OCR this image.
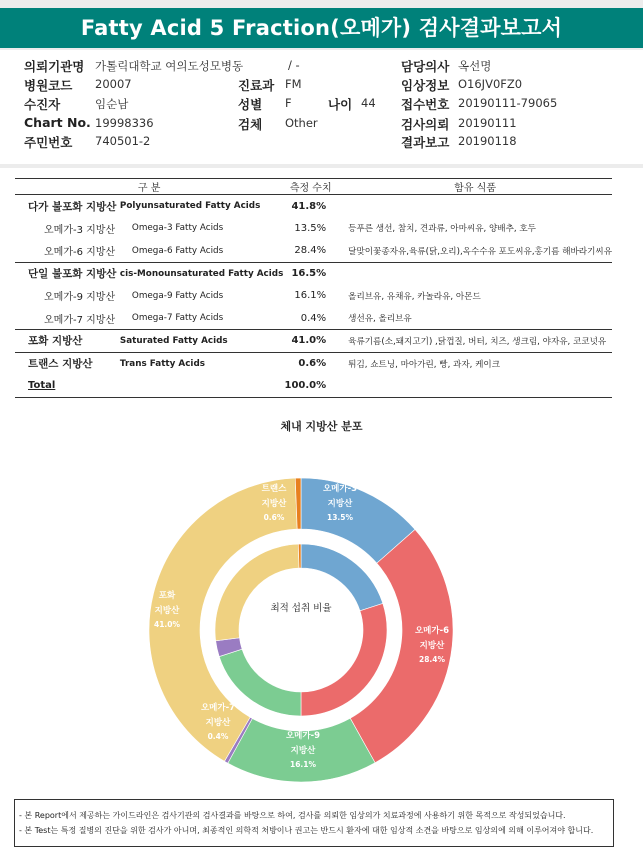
Fatty Acid 5 Fraction(오메가) 검사결과보고서
의뢰기관명 가톨릭대학교 여의도성모병동	/ -	담당의사 옥선명
병원코드 20007	진료과 FM	임상정보 O16JV0FZ0
수진자	임순남	성별 F	나이 44 접수번호 20190111-79065
Chart No. 19998336	검체 Other	검사의뢰 20190111
주민번호 740501-2	결과보고 20190118
구 분		측정 수치	함유 식품
다가 불포화 지방산	Polyunsaturated Fatty Acids	41.8%	
오메가-3 지방산	Omega-3 Fatty Acids	13.5%	등푸른 생선, 참치, 견과류, 아마씨유, 양배추, 호두
오메가-6 지방산	Omega-6 Fatty Acids	28.4%	달맞이꽃종자유,육류(닭,오리),옥수수유 포도씨유,홍기름 해바라기씨유
단일 불포화 지방산	cis-Monounsaturated Fatty Acids	16.5%	
오메가-9 지방산	Omega-9 Fatty Acids	16.1%	올리브유, 유채유, 카놀라유, 아몬드
오메가-7 지방산	Omega-7 Fatty Acids	0.4%	생선유, 올리브유
포화 지방산	Saturated Fatty Acids	41.0%	육류기름(소,돼지고기) ,닭껍질, 버터, 치즈, 생크림, 야자유, 코코넛유
트랜스 지방산	Trans Fatty Acids	0.6%	튀김, 쇼트닝, 마아가린, 빵, 과자, 케이크
Total		100.0%	
체내 지방산 분포
오메가-3
지방산
13.5%
오메가-6
지방산
28.4%
오메가-9
지방산
16.1%
오메가-7
지방산
0.4%
포화
지방산
41.0%
트랜스
지방산
0.6%
최적 섭취 비율
- 본 Report에서 제공하는 가이드라인은 검사기관의 검사결과를 바탕으로 하여, 검사를 의뢰한 임상의가 치료과정에 사용하기 위한 목적으로 작성되었습니다.
- 본 Test는 특정 질병의 진단을 위한 검사가 아니며, 최종적인 의학적 처방이나 권고는 반드시 환자에 대한 임상적 소견을 바탕으로 임상의에 의해 이루어져야 합니다.
